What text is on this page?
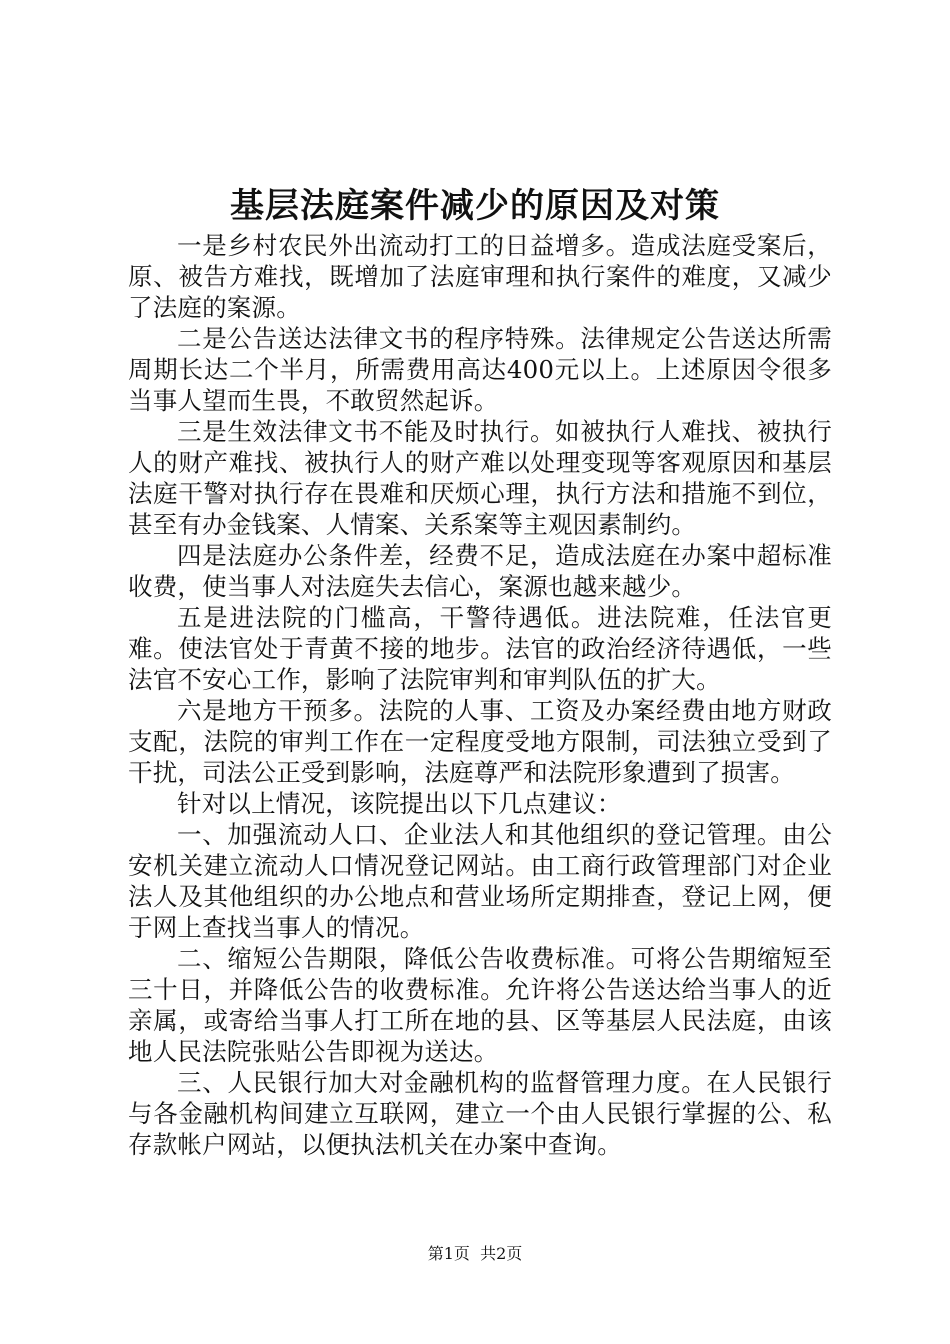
基层法庭案件减少的原因及对策

一是乡村农民外出流动打工的日益增多。造成法庭受案后，原、被告方难找，既增加了法庭审理和执行案件的难度，又减少了法庭的案源。

二是公告送达法律文书的程序特殊。法律规定公告送达所需周期长达二个半月，所需费用高达400元以上。上述原因令很多当事人望而生畏，不敢贸然起诉。

三是生效法律文书不能及时执行。如被执行人难找、被执行人的财产难找、被执行人的财产难以处理变现等客观原因和基层法庭干警对执行存在畏难和厌烦心理，执行方法和措施不到位，甚至有办金钱案、人情案、关系案等主观因素制约。

四是法庭办公条件差，经费不足，造成法庭在办案中超标准收费，使当事人对法庭失去信心，案源也越来越少。

五是进法院的门槛高，干警待遇低。进法院难，任法官更难。使法官处于青黄不接的地步。法官的政治经济待遇低，一些法官不安心工作，影响了法院审判和审判队伍的扩大。

六是地方干预多。法院的人事、工资及办案经费由地方财政支配，法院的审判工作在一定程度受地方限制，司法独立受到了干扰，司法公正受到影响，法庭尊严和法院形象遭到了损害。

针对以上情况，该院提出以下几点建议：

一、加强流动人口、企业法人和其他组织的登记管理。由公安机关建立流动人口情况登记网站。由工商行政管理部门对企业法人及其他组织的办公地点和营业场所定期排查，登记上网，便于网上查找当事人的情况。

二、缩短公告期限，降低公告收费标准。可将公告期缩短至三十日，并降低公告的收费标准。允许将公告送达给当事人的近亲属，或寄给当事人打工所在地的县、区等基层人民法庭，由该地人民法院张贴公告即视为送达。

三、人民银行加大对金融机构的监督管理力度。在人民银行与各金融机构间建立互联网，建立一个由人民银行掌握的公、私存款帐户网站，以便执法机关在办案中查询。

第1页 共2页
